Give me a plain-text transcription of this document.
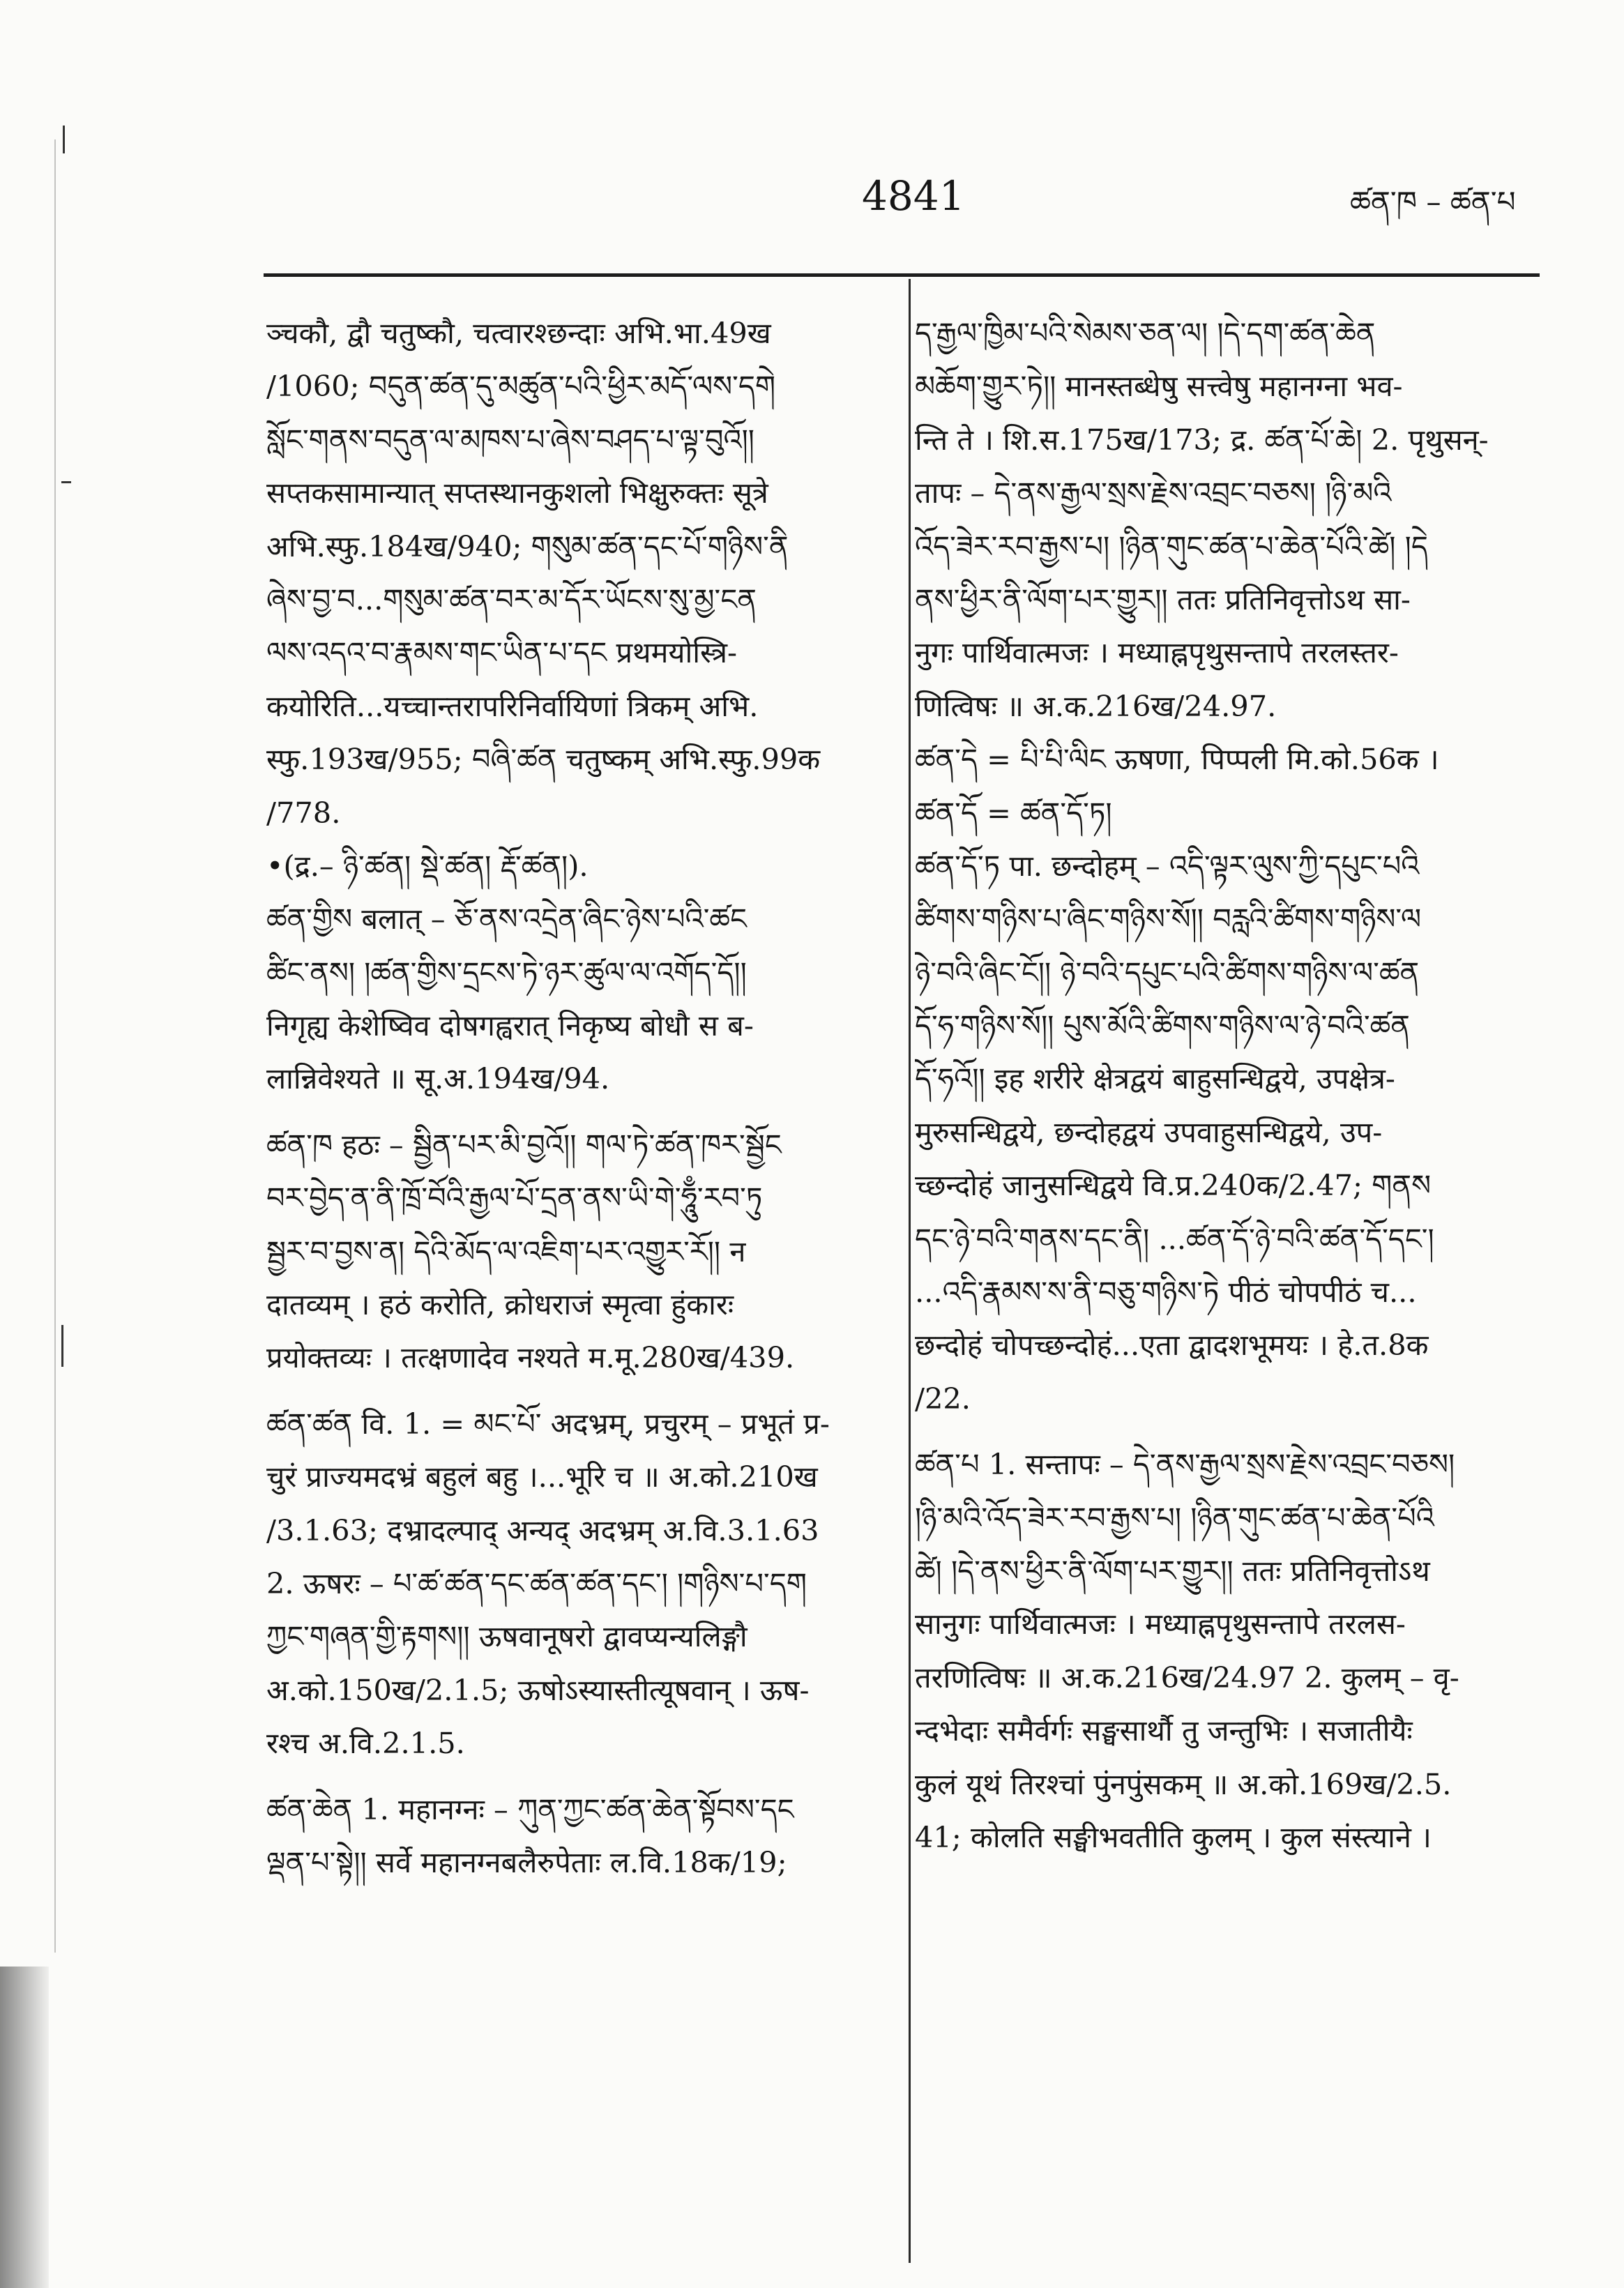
4841	ཚན་ཁ – ཚན་པ
ञ्चकौ, द्वौ चतुष्कौ, चत्वारश्छन्दाः अभि.भा.49ख
/1060; བདུན་ཚན་དུ་མཚུན་པའི་ཕྱིར་མདོ་ལས་དགེ
སློང་གནས་བདུན་ལ་མཁས་པ་ཞེས་བཤད་པ་ལྟ་བུའོ།།
सप्तकसामान्यात् सप्तस्थानकुशलो भिक्षुरुक्तः सूत्रे
अभि.स्फु.184ख/940; གསུམ་ཚན་དང་པོ་གཉིས་ནི
ཞེས་བྱ་བ...གསུམ་ཚན་བར་མ་དོར་ཡོངས་སུ་མྱ་ངན
ལས་འདའ་བ་རྣམས་གང་ཡིན་པ་དང प्रथमयोस्त्रि-
कयोरिति...यच्चान्तरापरिनिर्वायिणां त्रिकम् अभि.
स्फु.193ख/955; བཞི་ཚན चतुष्कम् अभि.स्फु.99क
/778.
•(द्र.– ཉི་ཚན། སྡེ་ཚན། རྡོ་ཚན།).
ཚན་གྱིས बलात् – ཅོ་ནས་འདྲེན་ཞིང་ཉེས་པའི་ཚང
ཚིང་ནས། །ཚན་གྱིས་དྲངས་ཏེ་ཉར་ཚུལ་ལ་འགོད་དོ།།
निगृह्य केशेष्विव दोषगह्वरात् निकृष्य बोधौ स ब-
लान्निवेश्यते ॥ सू.अ.194ख/94.
ཚན་ཁ हठः – སྦྱིན་པར་མི་བྱའོ།། གལ་ཏེ་ཚན་ཁར་སྦྱོང
བར་བྱེད་ན་ནི་ཁྲོ་བོའི་རྒྱལ་པོ་དྲན་ནས་ཡི་གེ་ཧཱུྃ་རབ་ཏུ
སྦྱར་བ་བྱས་ན། དེའི་མོད་ལ་འཇིག་པར་འགྱུར་རོ།། न
दातव्यम् । हठं करोति, क्रोधराजं स्मृत्वा हुंकारः
प्रयोक्तव्यः । तत्क्षणादेव नश्यते म.मू.280ख/439.
ཚན་ཚན वि. 1. = མང་པོ་ अदभ्रम्, प्रचुरम् – प्रभूतं प्र-
चुरं प्राज्यमदभ्रं बहुलं बहु ।...भूरि च ॥ अ.को.210ख
/3.1.63; दभ्रादल्पाद् अन्यद् अदभ्रम् अ.वि.3.1.63
2. ऊषरः – པ་ཚ་ཚན་དང་ཚན་ཚན་དང་། །གཉིས་པ་དག
ཀྱང་གཞན་གྱི་རྟགས།། ऊषवानूषरो द्वावप्यन्यलिङ्गौ
अ.को.150ख/2.1.5; ऊषोऽस्यास्तीत्यूषवान् । ऊष-
रश्च अ.वि.2.1.5.
ཚན་ཆེན 1. महानग्नः – ཀུན་ཀྱང་ཚན་ཆེན་སྟོབས་དང
ལྡན་པ་སྟེ།། सर्वे महानग्नबलैरुपेताः ल.वि.18क/19;
ད་རྒྱལ་ཁྱིམ་པའི་སེམས་ཅན་ལ། །དེ་དག་ཚན་ཆེན
མཆོག་གྱུར་ཏེ།། मानस्तब्धेषु सत्त्वेषु महानग्ना भव-
न्ति ते । शि.स.175ख/173; द्र. ཚན་པོ་ཆེ། 2. पृथुसन्-
तापः – དེ་ནས་རྒྱལ་སྲས་རྗེས་འབྲང་བཅས། །ཉི་མའི
འོད་ཟེར་རབ་རྒྱས་པ། །ཉིན་གུང་ཚན་པ་ཆེན་པོའི་ཚེ། །དེ
ནས་ཕྱིར་ནི་ལོག་པར་གྱུར།། ततः प्रतिनिवृत्तोऽथ सा-
नुगः पार्थिवात्मजः । मध्याह्नपृथुसन्तापे तरलस्तर-
णित्विषः ॥ अ.क.216ख/24.97.
ཚན་དེ = པི་པི་ལིང ऊषणा, पिप्पली मि.को.56क ।
ཚན་དོ = ཚན་དོ་ཏ།
ཚན་དོ་ཏ पा. छन्दोहम् – འདི་ལྟར་ལུས་ཀྱི་དཔུང་པའི
ཚིགས་གཉིས་པ་ཞིང་གཉིས་སོ།། བརླའི་ཚིགས་གཉིས་ལ
ཉེ་བའི་ཞིང་ངོ།། ཉེ་བའི་དཔུང་པའི་ཚིགས་གཉིས་ལ་ཚན
དོ་ཧ་གཉིས་སོ།། པུས་མོའི་ཚིགས་གཉིས་ལ་ཉེ་བའི་ཚན
དོ་ཧའོ།། इह शरीरे क्षेत्रद्वयं बाहुसन्धिद्वये, उपक्षेत्र-
मुरुसन्धिद्वये, छन्दोहद्वयं उपवाहुसन्धिद्वये, उप-
च्छन्दोहं जानुसन्धिद्वये वि.प्र.240क/2.47; གནས
དང་ཉེ་བའི་གནས་དང་ནི། ...ཚན་དོ་ཉེ་བའི་ཚན་དོ་དང་།
...འདི་རྣམས་ས་ནི་བཅུ་གཉིས་ཏེ पीठं चोपपीठं च...
छन्दोहं चोपच्छन्दोहं...एता द्वादशभूमयः । हे.त.8क
/22.
ཚན་པ 1. सन्तापः – དེ་ནས་རྒྱལ་སྲས་རྗེས་འབྲང་བཅས།
།ཉི་མའི་འོད་ཟེར་རབ་རྒྱས་པ། །ཉིན་གུང་ཚན་པ་ཆེན་པོའི
ཚེ། །དེ་ནས་ཕྱིར་ནི་ལོག་པར་གྱུར།། ततः प्रतिनिवृत्तोऽथ
सानुगः पार्थिवात्मजः । मध्याह्नपृथुसन्तापे तरलस-
तरणित्विषः ॥ अ.क.216ख/24.97 2. कुलम् – वृ-
न्दभेदाः समैर्वर्गः सङ्घसार्थौ तु जन्तुभिः । सजातीयैः
कुलं यूथं तिरश्चां पुंनपुंसकम् ॥ अ.को.169ख/2.5.
41; कोलति सङ्घीभवतीति कुलम् । कुल संस्त्याने ।
